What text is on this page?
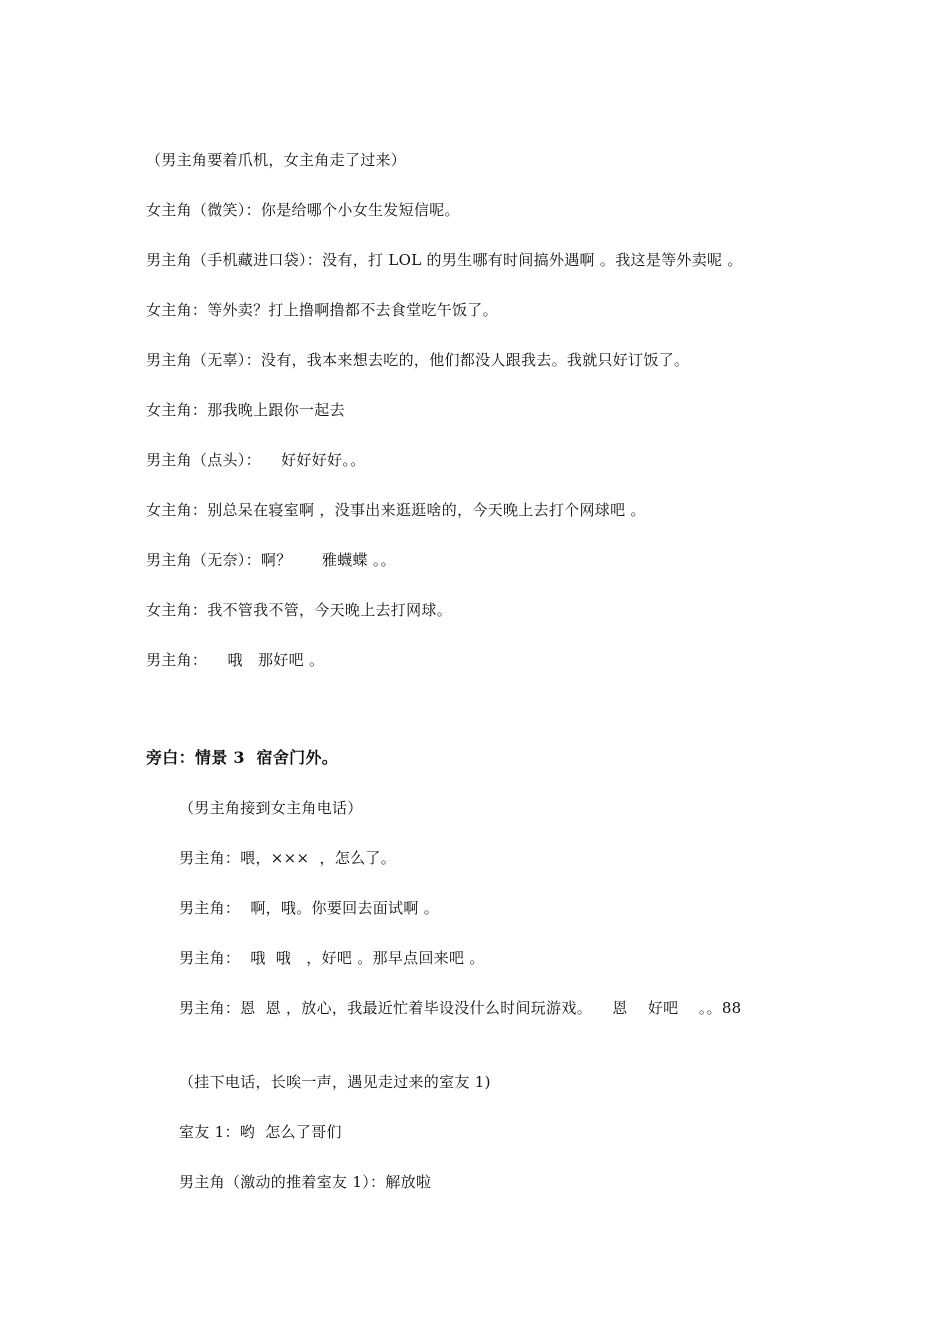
（男主角要着爪机，女主角走了过来）
女主角（微笑）：你是给哪个小女生发短信呢。
男主角（手机藏进口袋）：没有，打 LOL 的男生哪有时间搞外遇啊 。我这是等外卖呢 。
女主角：等外卖？打上撸啊撸都不去食堂吃午饭了。
男主角（无辜）：没有，我本来想去吃的，他们都没人跟我去。我就只好订饭了。
女主角：那我晚上跟你一起去
男主角（点头）：    好好好好。。
女主角：别总呆在寝室啊 ，没事出来逛逛啥的，今天晚上去打个网球吧 。
男主角（无奈）：啊？      雅蠛蝶 。。
女主角：我不管我不管，今天晚上去打网球。
男主角：    哦   那好吧 。
旁白：情景 3  宿舍门外。
（男主角接到女主角电话）
男主角：喂，×××  ，怎么了。
男主角：  啊，哦。你要回去面试啊 。
男主角：  哦  哦   ，好吧 。那早点回来吧 。
男主角：恩  恩 ，放心，我最近忙着毕设没什么时间玩游戏。    恩    好吧    。。88
（挂下电话，长唉一声，遇见走过来的室友 1)
室友 1：哟  怎么了哥们
男主角（激动的推着室友 1）：解放啦
